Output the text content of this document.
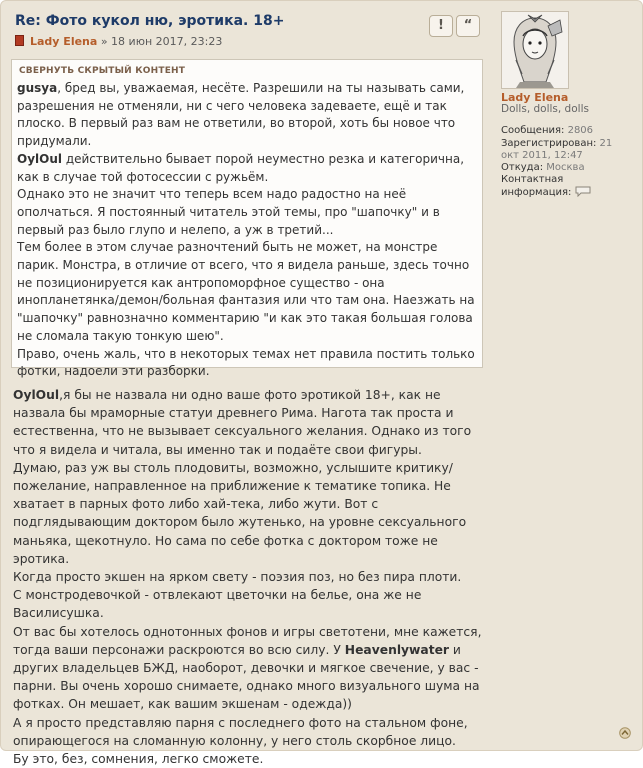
Re: Фото кукол ню, эротика. 18+	!	“
Lady Elena » 18 июн 2017, 23:23
СВЕРНУТЬ СКРЫТЫЙ КОНТЕНТ

gusya, бред вы, уважаемая, несёте. Разрешили на ты называть сами, разрешения не отменяли, ни с чего человека задеваете, ещё и так плоско. В первый раз вам не ответили, во второй, хоть бы новое что придумали.

OylOul действительно бывает порой неуместно резка и категорична, как в случае той фотосессии с ружьём.

Однако это не значит что теперь всем надо радостно на неё ополчаться. Я постоянный читатель этой темы, про "шапочку" и в первый раз было глупо и нелепо, а уж в третий...

Тем более в этом случае разночтений быть не может, на монстре парик. Монстра, в отличие от всего, что я видела раньше, здесь точно не позиционируется как антропоморфное существо - она инопланетянка/демон/больная фантазия или что там она. Наезжать на "шапочку" равнозначно комментарию "и как это такая большая голова не сломала такую тонкую шею".

Право, очень жаль, что в некоторых темах нет правила постить только фотки, надоели эти разборки.

OylOul,я бы не назвала ни одно ваше фото эротикой 18+, как не назвала бы мраморные статуи древнего Рима. Нагота так проста и естественна, что не вызывает сексуального желания. Однако из того что я видела и читала, вы именно так и подаёте свои фигуры.

Думаю, раз уж вы столь плодовиты, возможно, услышите критику/пожелание, направленное на приближение к тематике топика. Не хватает в парных фото либо хай-тека, либо жути. Вот с подглядывающим доктором было жутенько, на уровне сексуального маньяка, щекотнуло. Но сама по себе фотка с доктором тоже не эротика.

Когда просто экшен на ярком свету - поэзия поз, но без пира плоти.

С монстродевочкой - отвлекают цветочки на белье, она же не Василисушка.

От вас бы хотелось однотонных фонов и игры светотени, мне кажется, тогда ваши персонажи раскроются во всю силу. У Heavenlywater и других владельцев БЖД, наоборот, девочки и мягкое свечение, у вас - парни. Вы очень хорошо снимаете, однако много визуального шума на фотках. Он мешает, как вашим экшенам - одежда))

А я просто представляю парня с последнего фото на стальном фоне, опирающегося на сломанную колонну, у него столь скорбное лицо.

Бу это, без, сомнения, легко сможете.

Lady Elena
Dolls, dolls, dolls
Сообщения: 2806
Зарегистрирован: 21
окт 2011, 12:47
Откуда: Москва
Контактная
информация:
